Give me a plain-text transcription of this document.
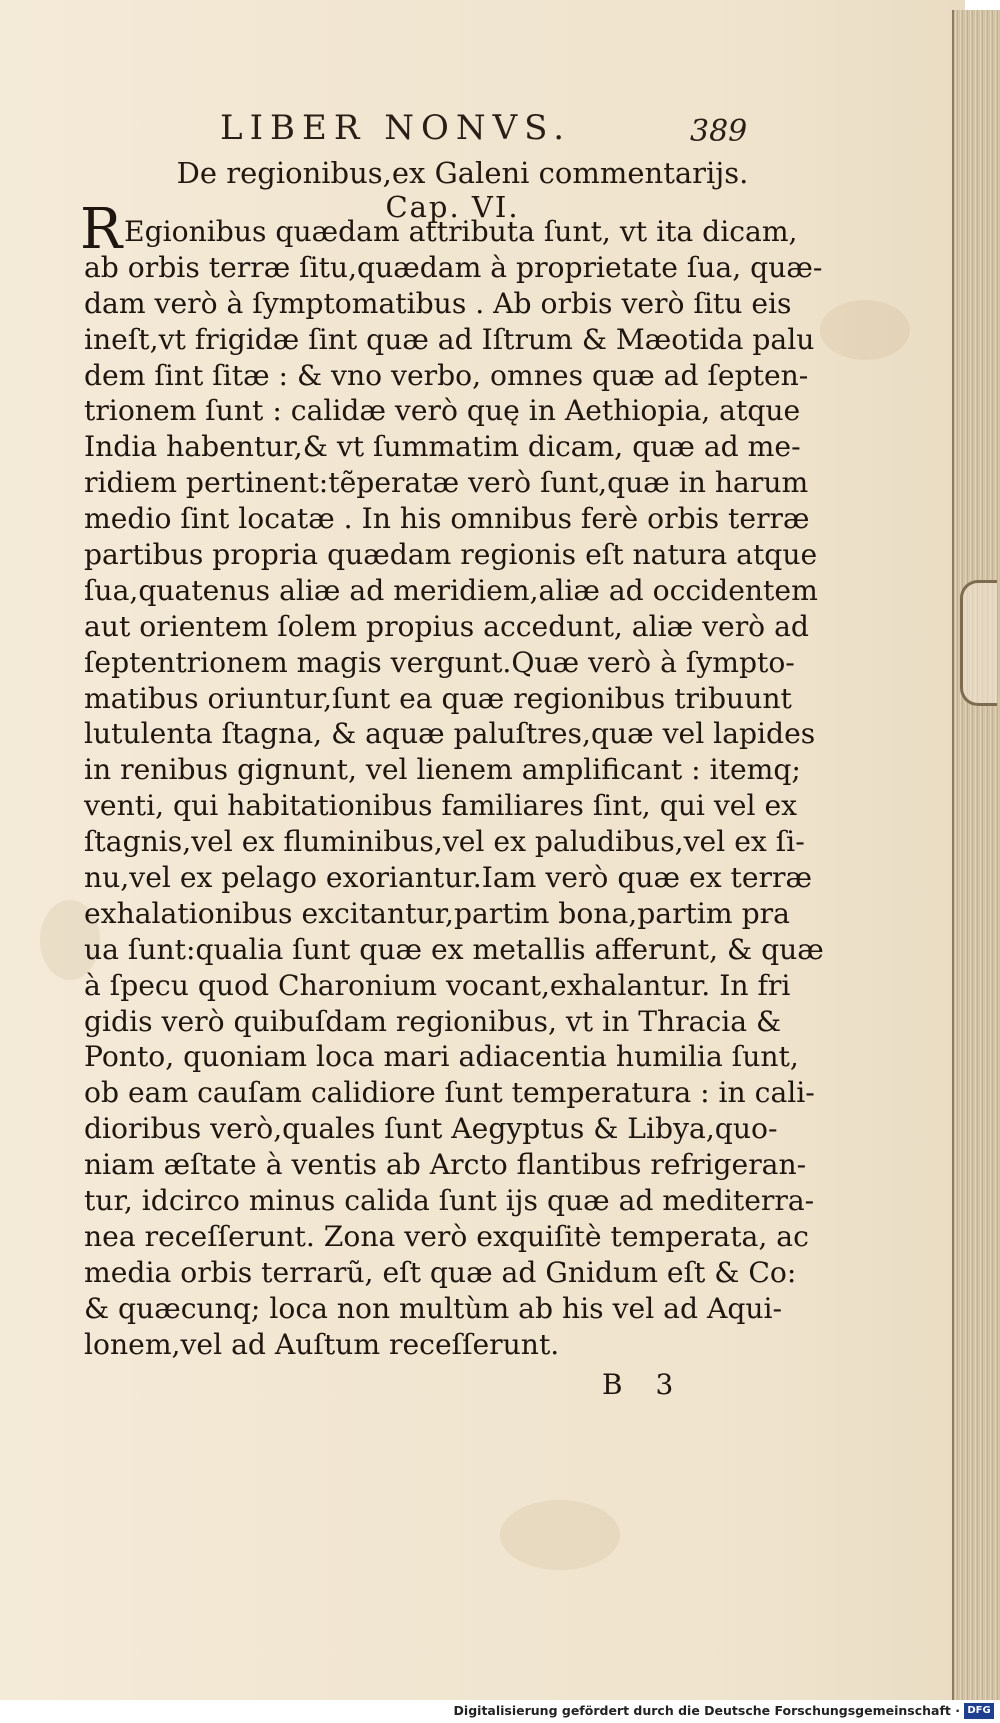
LIBER NONVS.	389
De regionibus,ex Galeni commentarijs.
Cap. VI.
R Egionibus quædam attributa ſunt, vt ita dicam,
ab orbis terræ ſitu,quædam à proprietate ſua, quæ-
dam verò à ſymptomatibus . Ab orbis verò ſitu eis
ineſt,vt frigidæ ſint quæ ad Iſtrum & Mæotida palu
dem ſint ſitæ : & vno verbo, omnes quæ ad ſepten-
trionem ſunt : calidæ verò quę in Aethiopia, atque
India habentur,& vt ſummatim dicam, quæ ad me-
ridiem pertinent:tẽperatæ verò ſunt,quæ in harum
medio ſint locatæ . In his omnibus ferè orbis terræ
partibus propria quædam regionis eſt natura atque
ſua,quatenus aliæ ad meridiem,aliæ ad occidentem
aut orientem ſolem propius accedunt, aliæ verò ad
ſeptentrionem magis vergunt.Quæ verò à ſympto-
matibus oriuntur,ſunt ea quæ regionibus tribuunt
lutulenta ſtagna, & aquæ paluſtres,quæ vel lapides
in renibus gignunt, vel lienem amplificant : itemq;
venti, qui habitationibus familiares ſint, qui vel ex
ſtagnis,vel ex fluminibus,vel ex paludibus,vel ex ſi-
nu,vel ex pelago exoriantur.Iam verò quæ ex terræ
exhalationibus excitantur,partim bona,partim pra
ua ſunt:qualia ſunt quæ ex metallis afferunt, & quæ
à ſpecu quod Charonium vocant,exhalantur. In fri
gidis verò quibuſdam regionibus, vt in Thracia &
Ponto, quoniam loca mari adiacentia humilia ſunt,
ob eam cauſam calidiore ſunt temperatura : in cali-
dioribus verò,quales ſunt Aegyptus & Libya,quo-
niam æſtate à ventis ab Arcto flantibus refrigeran-
tur, idcirco minus calida ſunt ijs quæ ad mediterra-
nea receſſerunt. Zona verò exquiſitè temperata, ac
media orbis terrarũ, eſt quæ ad Gnidum eſt & Co:
& quæcunq; loca non multùm ab his vel ad Aqui-
lonem,vel ad Auſtum receſſerunt.
B 3
Digitalisierung gefördert durch die Deutsche Forschungsgemeinschaft · DFG
